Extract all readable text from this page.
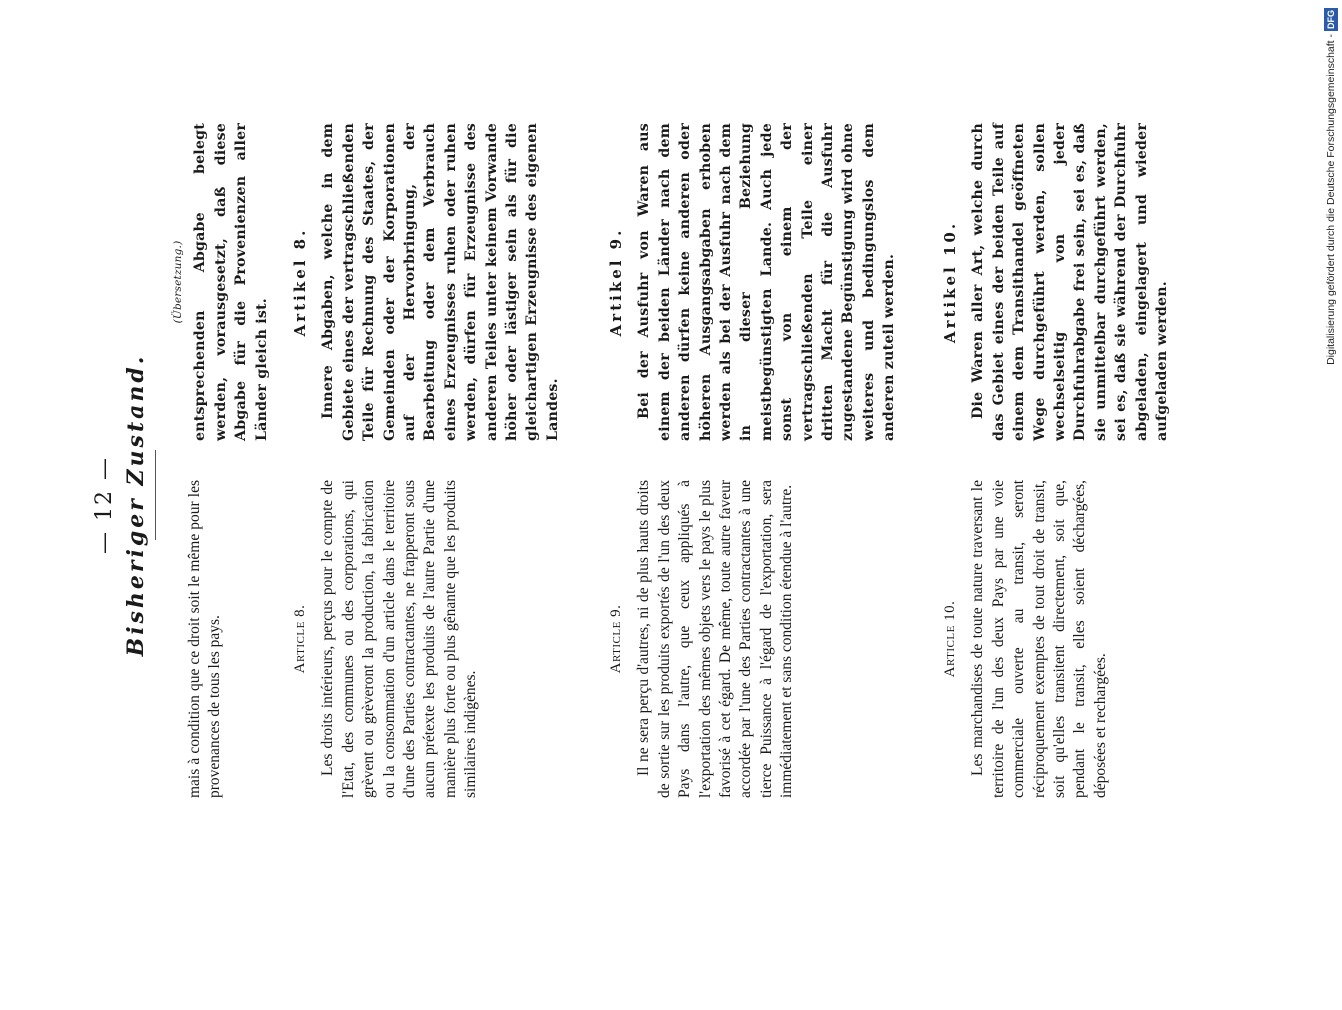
— 12 — Bisheriger Zustand. mais à condition que ce droit soit le même pour les provenances de tous les pays.	Article 8. Les droits intérieurs, perçus pour le compte de l'Etat, des communes ou des corporations, qui grèvent ou grèveront la production, la fabrication ou la consommation d'un article dans le territoire d'une des Parties contractantes, ne frapperont sous aucun prétexte les produits de l'autre Partie d'une manière plus forte ou plus gênante que les produits similaires indigènes.

Article 9. Il ne sera perçu d'autres, ni de plus hauts droits de sortie sur les produits exportés de l'un des deux Pays dans l'autre, que ceux appliqués à l'exportation des mêmes objets vers le pays le plus favorisé à cet égard. De même, toute autre faveur accordée par l'une des Parties contractantes à une tierce Puissance à l'égard de l'exportation, sera immédiatement et sans condition étendue à l'autre.	Article 10. Les marchandises de toute nature traversant le territoire de l'un des deux Pays par une voie commerciale ouverte au transit, seront réciproquement exemptes de tout droit de transit, soit qu'elles transitent directement, soit que, pendant le transit, elles soient déchargées, déposées et rechargées.

(Übersetzung.) entsprechenden Abgabe belegt werden, vorausgesetzt, daß diese Abgabe für die Provenienzen aller Länder gleich ist.

Artikel 8. Innere Abgaben, welche in dem Gebiete eines der vertragschließenden Teile für Rechnung des Staates, der Gemeinden oder der Korporationen auf der Hervorbringung, der Bearbeitung oder dem Verbrauch eines Erzeugnisses ruhen oder ruhen werden, dürfen für Erzeugnisse des anderen Teiles unter keinem Vorwande höher oder lästiger sein als für die gleichartigen Erzeugnisse des eigenen Landes.

Artikel 9. Bei der Ausfuhr von Waren aus einem der beiden Länder nach dem anderen dürfen keine anderen oder höheren Ausgangsabgaben erhoben werden als bei der Ausfuhr nach dem in dieser Beziehung meistbegünstigten Lande. Auch jede sonst von einem der vertragschließenden Teile einer dritten Macht für die Ausfuhr zugestandene Begünstigung wird ohne weiteres und bedingungslos dem anderen zuteil werden.	Artikel 10. Die Waren aller Art, welche durch das Gebiet eines der beiden Teile auf einem dem Transithandel geöffneten Wege durchgeführt werden, sollen wechselseitig von jeder Durchfuhrabgabe frei sein, sei es, daß sie unmittelbar durchgeführt werden, sei es, daß sie während der Durchfuhr abgeladen, eingelagert und wieder aufgeladen werden.	Digitalisierung gefördert durch die Deutsche Forschungsgemeinschaft -DFG
